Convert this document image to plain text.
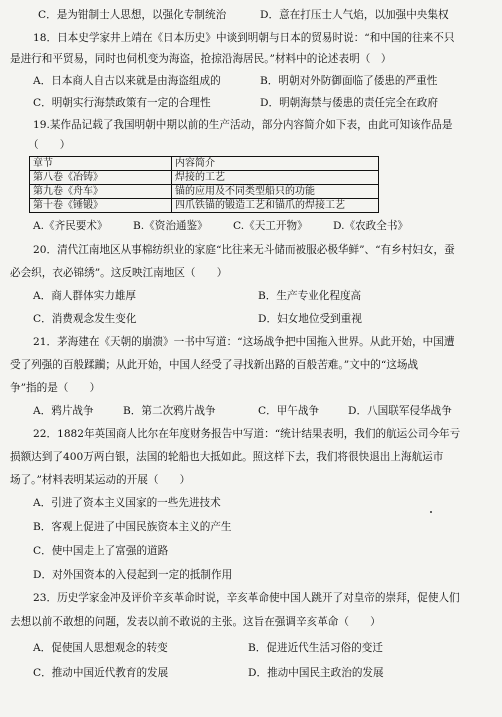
C．是为钳制士人思想，以强化专制统治	D．意在打压士人气焰，以加强中央集权
18．日本史学家井上靖在《日本历史》中谈到明朝与日本的贸易时说：“和中国的往来不只
是进行和平贸易，同时也伺机变为海盗，抢掠沿海居民。”材料中的论述表明（　）
A．日本商人自古以来就是由海盗组成的	B．明朝对外防御面临了倭患的严重性
C．明朝实行海禁政策有一定的合理性	D．明朝海禁与倭患的责任完全在政府
19.某作品记载了我国明朝中期以前的生产活动，部分内容简介如下表，由此可知该作品是
（　　）
章节	内容简介
第八卷《冶铸》	焊接的工艺
第九卷《舟车》	锚的应用及不同类型船只的功能
第十卷《锤锻》	四爪铁锚的锻造工艺和锚爪的焊接工艺
A.《齐民要术》 B.《资治通鉴》 C.《天工开物》 D.《农政全书》
20．清代江南地区从事棉纺织业的家庭“比往来无斗储而被服必极华鲜”、“有乡村妇女，蚕
必会织，衣必锦绣”。这反映江南地区（　　）
A．商人群体实力雄厚	B．生产专业化程度高
C．消费观念发生变化	D．妇女地位受到重视
21．茅海建在《天朝的崩溃》一书中写道：“这场战争把中国拖入世界。从此开始，中国遭
受了列强的百般蹂躏；从此开始，中国人经受了寻找新出路的百般苦难。”文中的“这场战
争”指的是（　　）
A．鸦片战争	B．第二次鸦片战争	C．甲午战争	D．八国联军侵华战争
22．1882年英国商人比尔在年度财务报告中写道：“统计结果表明，我们的航运公司今年亏
损额达到了400万两白银，法国的轮船也大抵如此。照这样下去，我们将很快退出上海航运市
场了。”材料表明某运动的开展（　　）
A．引进了资本主义国家的一些先进技术
B．客观上促进了中国民族资本主义的产生
C．使中国走上了富强的道路
D．对外国资本的入侵起到一定的抵制作用
23．历史学家金冲及评价辛亥革命时说，辛亥革命使中国人跳开了对皇帝的崇拜，促使人们
去想以前不敢想的问题，发表以前不敢说的主张。这旨在强调辛亥革命（　　）
A．促使国人思想观念的转变	B．促进近代生活习俗的变迁
C．推动中国近代教育的发展	D．推动中国民主政治的发展
